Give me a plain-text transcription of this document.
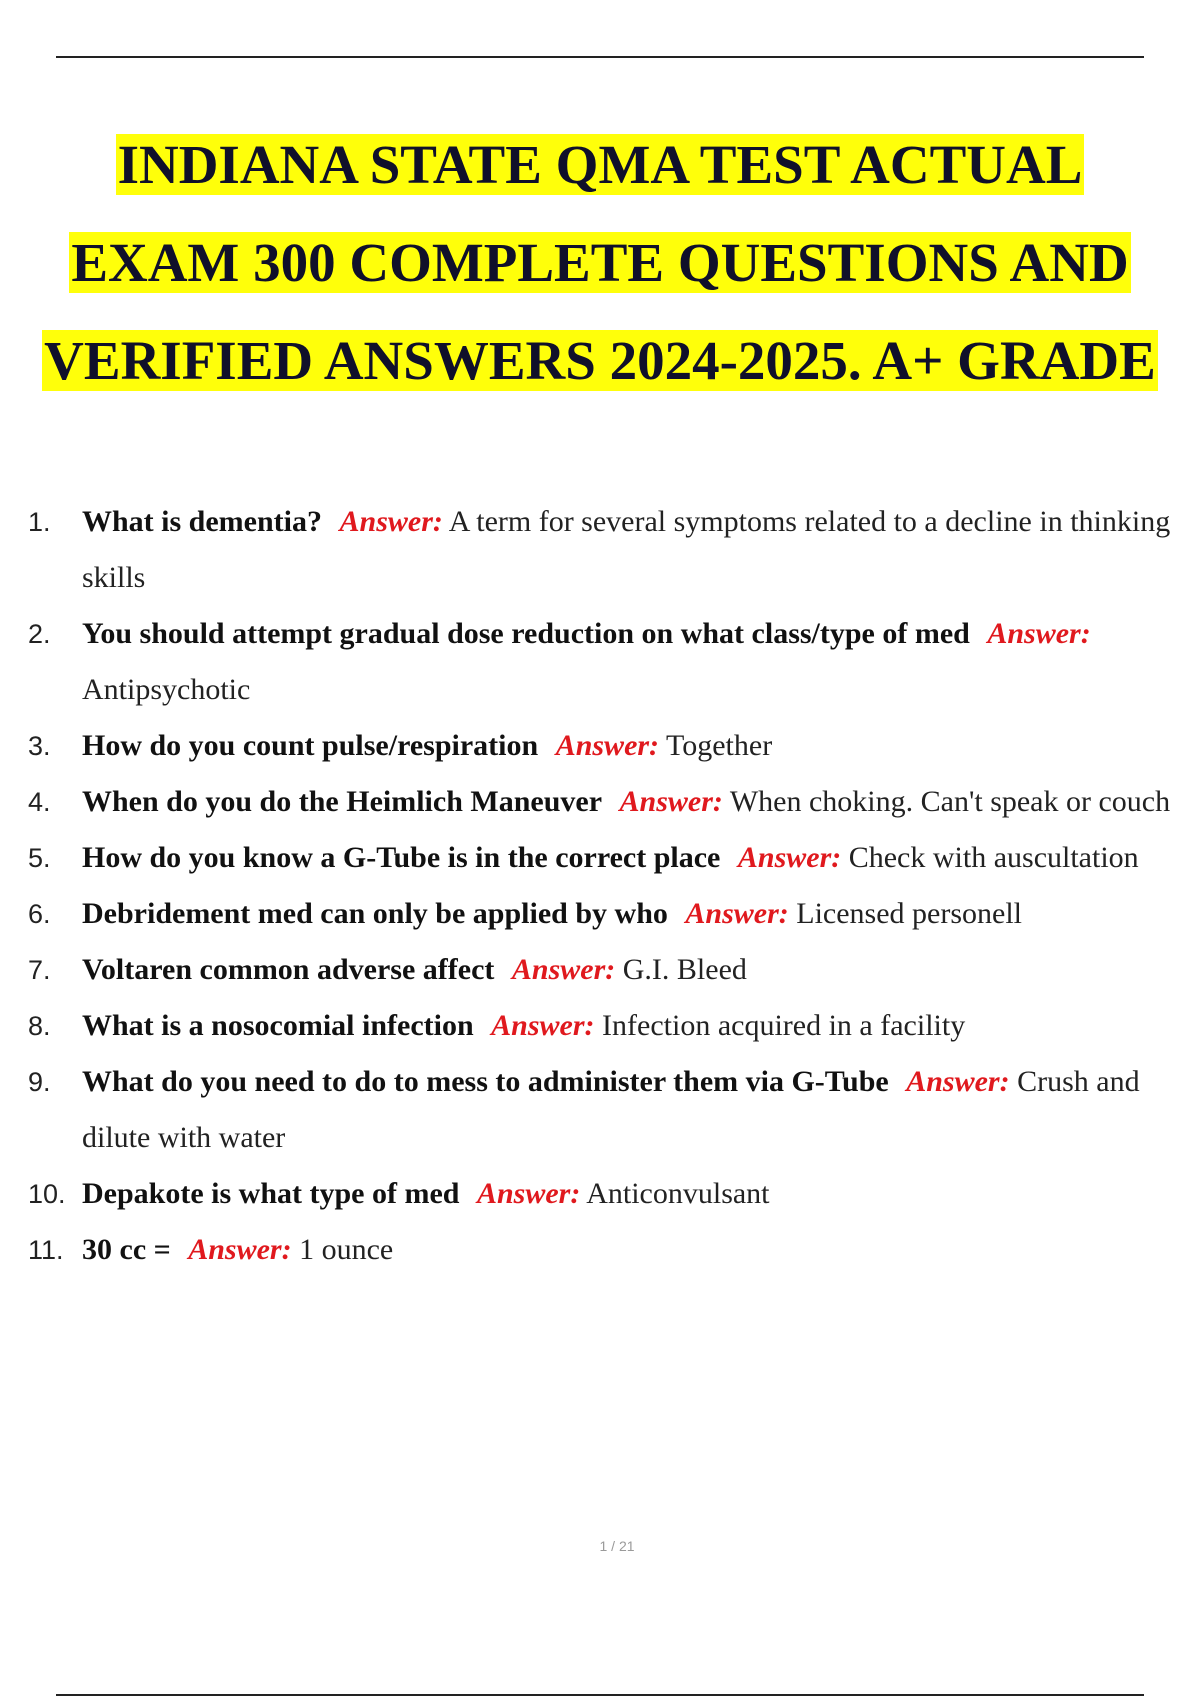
INDIANA STATE QMA TEST ACTUAL
EXAM 300 COMPLETE QUESTIONS AND
VERIFIED ANSWERS 2024-2025. A+ GRADE
1. What is dementia? Answer: A term for several symptoms related to a decline in thinking skills
2. You should attempt gradual dose reduction on what class/type of med Answer: Antipsychotic
3. How do you count pulse/respiration Answer: Together
4. When do you do the Heimlich Maneuver Answer: When choking. Can't speak or couch
5. How do you know a G-Tube is in the correct place Answer: Check with auscultation
6. Debridement med can only be applied by who Answer: Licensed personell
7. Voltaren common adverse affect Answer: G.I. Bleed
8. What is a nosocomial infection Answer: Infection acquired in a facility
9. What do you need to do to mess to administer them via G-Tube Answer: Crush and dilute with water
10. Depakote is what type of med Answer: Anticonvulsant
11. 30 cc = Answer: 1 ounce
1 / 21
